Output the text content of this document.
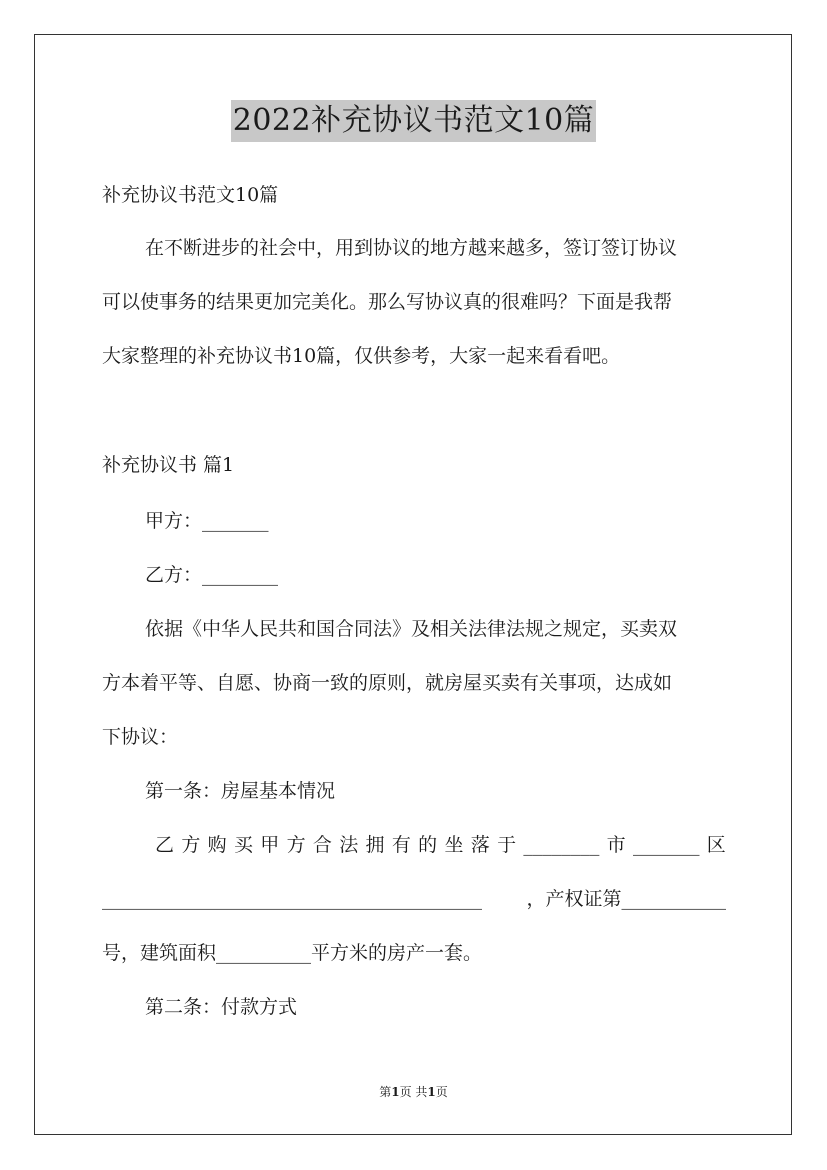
2022补充协议书范文10篇
补充协议书范文10篇
在不断进步的社会中，用到协议的地方越来越多，签订签订协议
可以使事务的结果更加完美化。那么写协议真的很难吗？下面是我帮
大家整理的补充协议书10篇，仅供参考，大家一起来看看吧。
补充协议书 篇1
甲方：_______
乙方：________
依据《中华人民共和国合同法》及相关法律法规之规定，买卖双
方本着平等、自愿、协商一致的原则，就房屋买卖有关事项，达成如
下协议：
第一条：房屋基本情况
乙 方 购 买 甲 方 合 法 拥 有 的 坐 落 于 ________ 市 _______ 区
________________________________________ ，产权证第___________
号，建筑面积__________平方米的房产一套。
第二条：付款方式
第1页 共1页
